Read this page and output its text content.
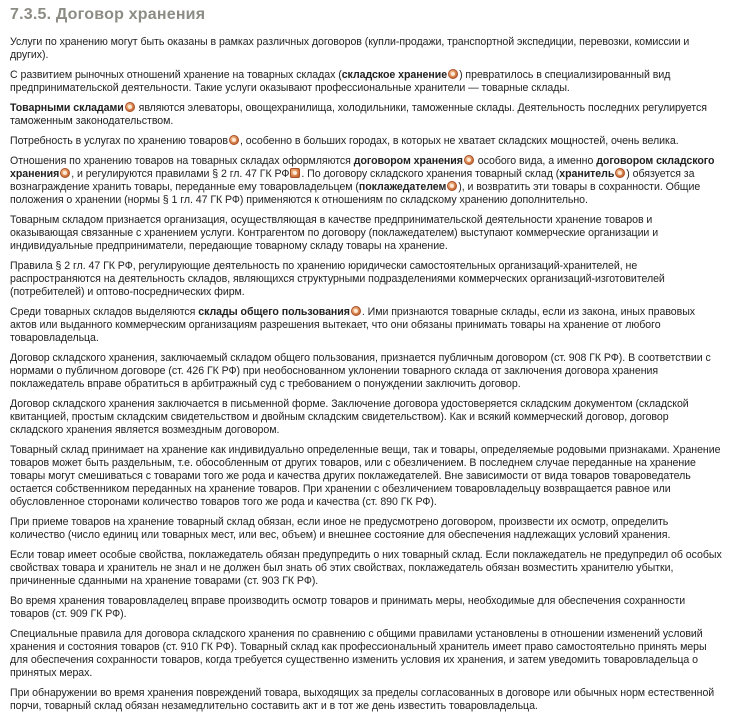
7.3.5. Договор хранения

Услуги по хранению могут быть оказаны в рамках различных договоров (купли-продажи, транспортной экспедиции, перевозки, комиссии и других).

С развитием рыночных отношений хранение на товарных складах (складское хранение ) превратилось в специализированный вид предпринимательской деятельности. Такие услуги оказывают профессиональные хранители — товарные склады.

Товарными складами являются элеваторы, овощехранилища, холодильники, таможенные склады. Деятельность последних регулируется таможенным законодательством.

Потребность в услугах по хранению товаров , особенно в больших городах, в которых не хватает складских мощностей, очень велика.

Отношения по хранению товаров на товарных складах оформляются договором хранения особого вида, а именно договором складского хранения , и регулируются правилами § 2 гл. 47 ГК РФ . По договору складского хранения товарный склад (хранитель ) обязуется за вознаграждение хранить товары, переданные ему товаровладельцем (поклажедателем ), и возвратить эти товары в сохранности. Общие положения о хранении (нормы § 1 гл. 47 ГК РФ) применяются к отношениям по складскому хранению дополнительно.

Товарным складом признается организация, осуществляющая в качестве предпринимательской деятельности хранение товаров и оказывающая связанные с хранением услуги. Контрагентом по договору (поклажедателем) выступают коммерческие организации и индивидуальные предприниматели, передающие товарному складу товары на хранение.

Правила § 2 гл. 47 ГК РФ, регулирующие деятельность по хранению юридически самостоятельных организаций-хранителей, не распространяются на деятельность складов, являющихся структурными подразделениями коммерческих организаций-изготовителей (потребителей) и оптово-посреднических фирм.

Среди товарных складов выделяются склады общего пользования . Ими признаются товарные склады, если из закона, иных правовых актов или выданного коммерческим организациям разрешения вытекает, что они обязаны принимать товары на хранение от любого товаровладельца.

Договор складского хранения, заключаемый складом общего пользования, признается публичным договором (ст. 908 ГК РФ). В соответствии с нормами о публичном договоре (ст. 426 ГК РФ) при необоснованном уклонении товарного склада от заключения договора хранения поклажедатель вправе обратиться в арбитражный суд с требованием о понуждении заключить договор.

Договор складского хранения заключается в письменной форме. Заключение договора удостоверяется складским документом (складской квитанцией, простым складским свидетельством и двойным складским свидетельством). Как и всякий коммерческий договор, договор складского хранения является возмездным договором.

Товарный склад принимает на хранение как индивидуально определенные вещи, так и товары, определяемые родовыми признаками. Хранение товаров может быть раздельным, т.е. обособленным от других товаров, или с обезличением. В последнем случае переданные на хранение товары могут смешиваться с товарами того же рода и качества других поклажедателей. Вне зависимости от вида товаров товароведатель остается собственником переданных на хранение товаров. При хранении с обезличением товаровладельцу возвращается равное или обусловленное сторонами количество товаров того же рода и качества (ст. 890 ГК РФ).

При приеме товаров на хранение товарный склад обязан, если иное не предусмотрено договором, произвести их осмотр, определить количество (число единиц или товарных мест, или вес, объем) и внешнее состояние для обеспечения надлежащих условий хранения.

Если товар имеет особые свойства, поклажедатель обязан предупредить о них товарный склад. Если поклажедатель не предупредил об особых свойствах товара и хранитель не знал и не должен был знать об этих свойствах, поклажедатель обязан возместить хранителю убытки, причиненные сданными на хранение товарами (ст. 903 ГК РФ).

Во время хранения товаровладелец вправе производить осмотр товаров и принимать меры, необходимые для обеспечения сохранности товаров (ст. 909 ГК РФ).

Специальные правила для договора складского хранения по сравнению с общими правилами установлены в отношении изменений условий хранения и состояния товаров (ст. 910 ГК РФ). Товарный склад как профессиональный хранитель имеет право самостоятельно принять меры для обеспечения сохранности товаров, когда требуется существенно изменить условия их хранения, и затем уведомить товаровладельца о принятых мерах.

При обнаружении во время хранения повреждений товара, выходящих за пределы согласованных в договоре или обычных норм естественной порчи, товарный склад обязан незамедлительно составить акт и в тот же день известить товаровладельца.
